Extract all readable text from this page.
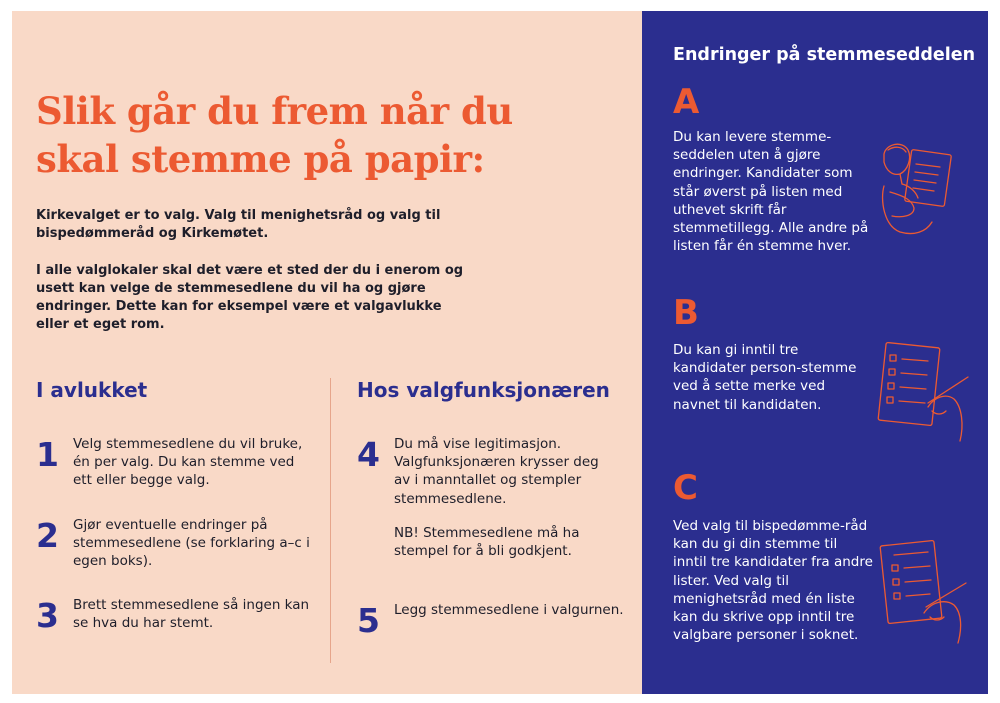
Slik går du frem når du skal stemme på papir:

Kirkevalget er to valg. Valg til menighetsråd og valg til bispedømmeråd og Kirkemøtet.

I alle valglokaler skal det være et sted der du i enerom og usett kan velge de stemmesedlene du vil ha og gjøre endringer. Dette kan for eksempel være et valgavlukke eller et eget rom.

I avlukket	Hos valgfunksjonæren
1 Velg stemmesedlene du vil bruke, én per valg. Du kan stemme ved ett eller begge valg.

2 Gjør eventuelle endringer på stemmesedlene (se forklaring a–c i egen boks).

3 Brett stemmesedlene så ingen kan se hva du har stemt.

4 Du må vise legitimasjon. Valgfunksjonæren krysser deg av i manntallet og stempler stemmesedlene.

NB! Stemmesedlene må ha stempel for å bli godkjent.

5 Legg stemmesedlene i valgurnen.

Endringer på stemmeseddelen
A

Du kan levere stemme-seddelen uten å gjøre endringer. Kandidater som står øverst på listen med uthevet skrift får stemmetillegg. Alle andre på listen får én stemme hver.

B

Du kan gi inntil tre kandidater person-stemme ved å sette merke ved navnet til kandidaten.

C

Ved valg til bispedømme-råd kan du gi din stemme til inntil tre kandidater fra andre lister. Ved valg til menighetsråd med én liste kan du skrive opp inntil tre valgbare personer i soknet.
